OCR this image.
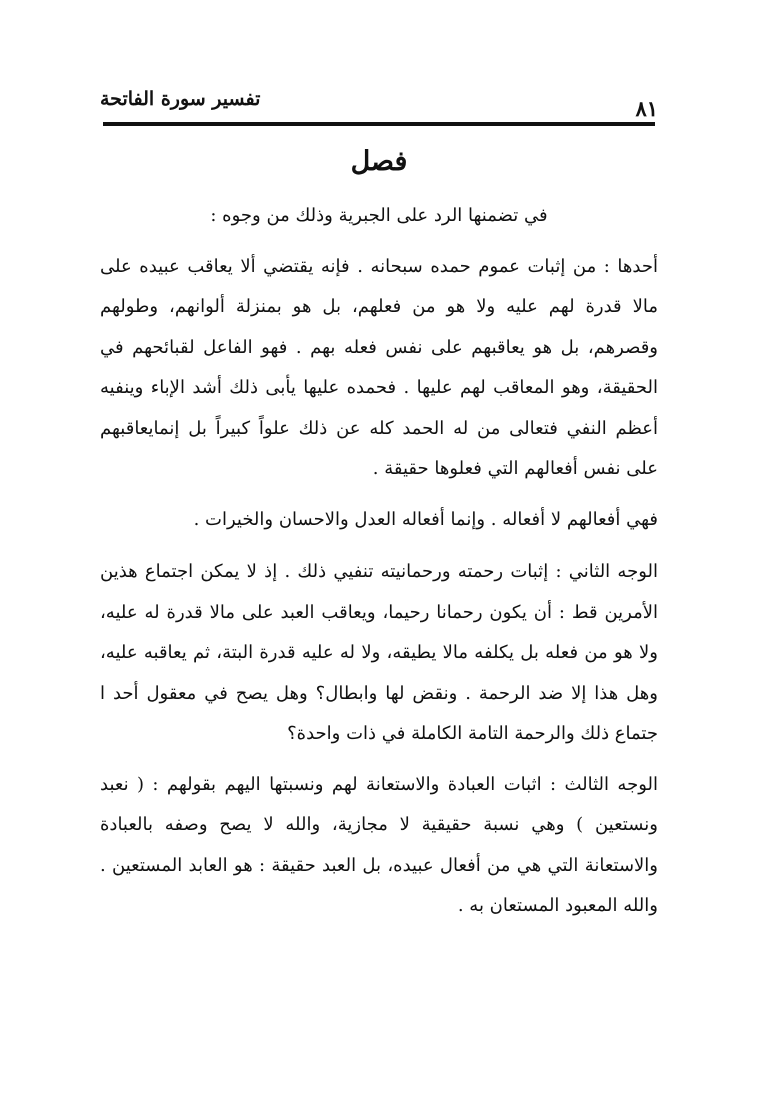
تفسير سورة الفاتحة	٨١
فصل
في تضمنها الرد على الجبرية وذلك من وجوه :

أحدها : من إثبات عموم حمده سبحانه . فإنه يقتضي ألا يعاقب عبيده على مالا قدرة لهم عليه ولا هو من فعلهم، بل هو بمنزلة ألوانهم، وطولهم وقصرهم، بل هو يعاقبهم على نفس فعله بهم . فهو الفاعل لقبائحهم في الحقيقة، وهو المعاقب لهم عليها . فحمده عليها يأبى ذلك أشد الإباء وينفيه أعظم النفي فتعالى من له الحمد كله عن ذلك علواً كبيراً بل إنمايعاقبهم على نفس أفعالهم التي فعلوها حقيقة .

فهي أفعالهم لا أفعاله . وإنما أفعاله العدل والاحسان والخيرات .

الوجه الثاني : إثبات رحمته ورحمانيته تنفيي ذلك . إذ لا يمكن اجتماع هذين الأمرين قط : أن يكون رحمانا رحيما، ويعاقب العبد على مالا قدرة له عليه، ولا هو من فعله بل يكلفه مالا يطيقه، ولا له عليه قدرة البتة، ثم يعاقبه عليه، وهل هذا إلا ضد الرحمة . ونقض لها وابطال؟ وهل يصح في معقول أحد ا جتماع ذلك والرحمة التامة الكاملة في ذات واحدة؟

الوجه الثالث : اثبات العبادة والاستعانة لهم ونسبتها اليهم بقولهم : ( نعبد ونستعين ) وهي نسبة حقيقية لا مجازية، والله لا يصح وصفه بالعبادة والاستعانة التي هي من أفعال عبيده، بل العبد حقيقة : هو العابد المستعين . والله المعبود المستعان به .
